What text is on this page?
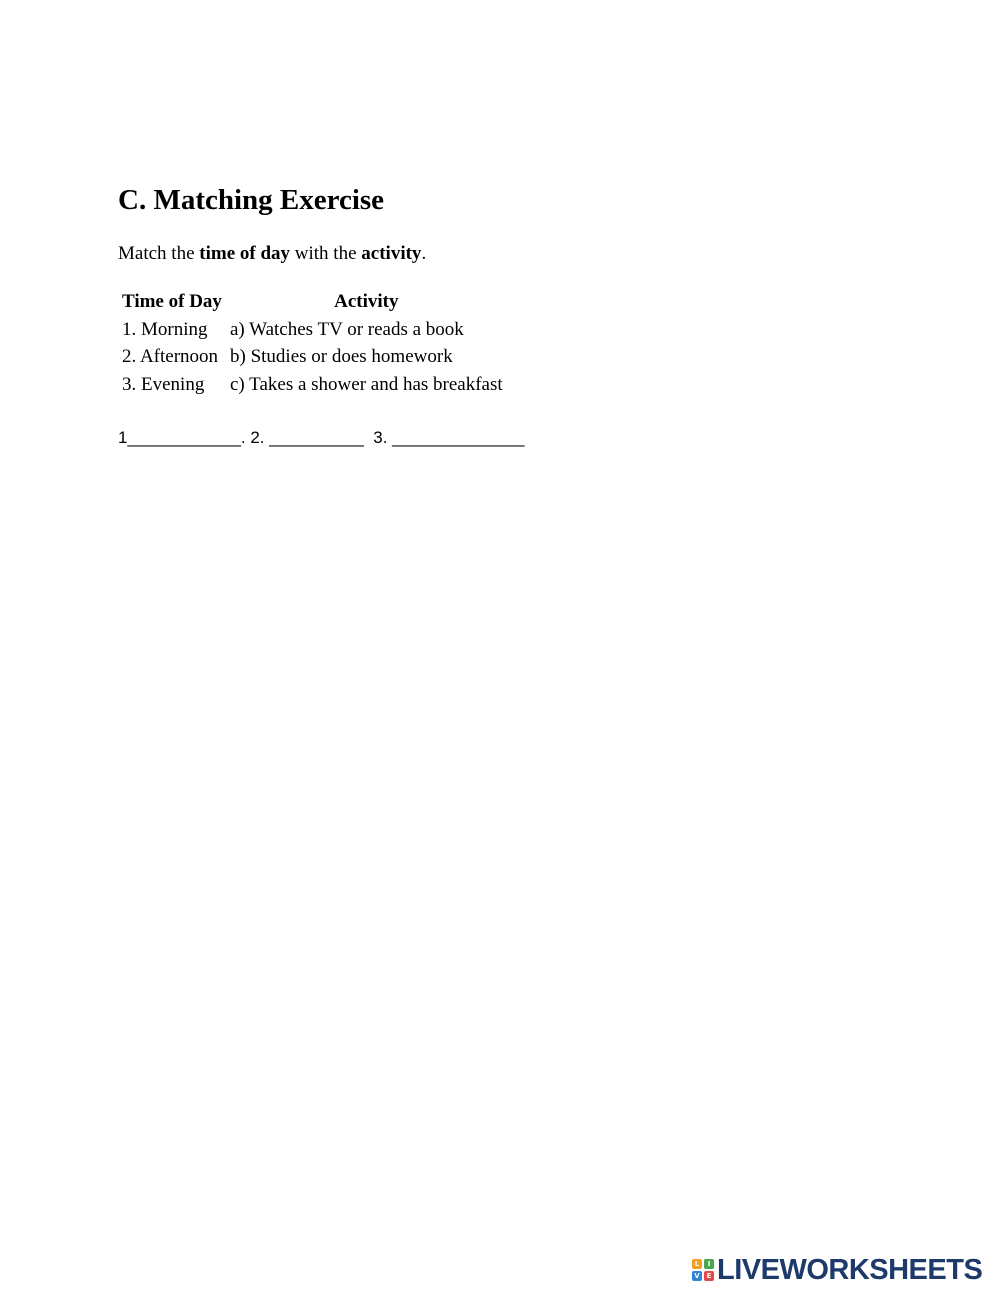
C. Matching Exercise

Match the time of day with the activity.

Time of Day	Activity
1. Morning	a) Watches TV or reads a book
2. Afternoon	b) Studies or does homework
3. Evening	c) Takes a shower and has breakfast

1____________. 2. __________  3. ______________

L	I
V E LIVEWORKSHEETS
